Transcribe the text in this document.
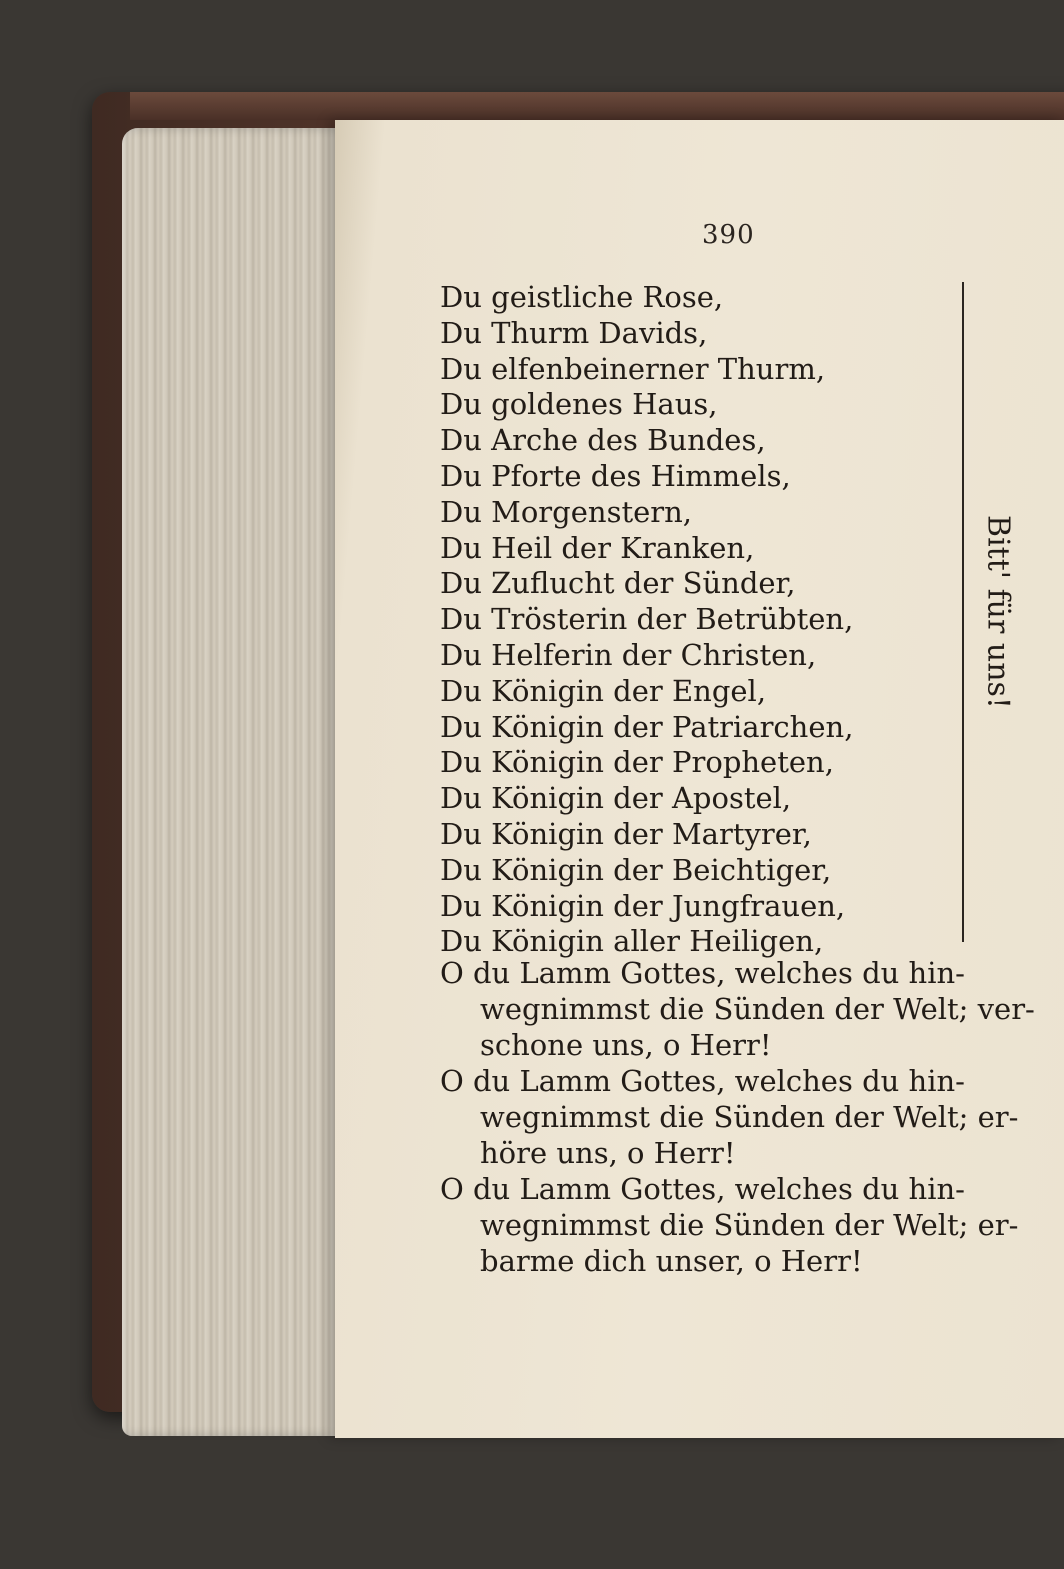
390
Du geistliche Rose,
Du Thurm Davids,
Du elfenbeinerner Thurm,
Du goldenes Haus,
Du Arche des Bundes,
Du Pforte des Himmels,
Du Morgenstern,
Du Heil der Kranken,
Du Zuflucht der Sünder,
Du Trösterin der Betrübten,
Du Helferin der Christen,
Du Königin der Engel,
Du Königin der Patriarchen,
Du Königin der Propheten,
Du Königin der Apostel,
Du Königin der Martyrer,
Du Königin der Beichtiger,
Du Königin der Jungfrauen,
Du Königin aller Heiligen,
Bitt' für uns!
O du Lamm Gottes, welches du hin-
wegnimmst die Sünden der Welt; ver-
schone uns, o Herr!
O du Lamm Gottes, welches du hin-
wegnimmst die Sünden der Welt; er-
höre uns, o Herr!
O du Lamm Gottes, welches du hin-
wegnimmst die Sünden der Welt; er-
barme dich unser, o Herr!
